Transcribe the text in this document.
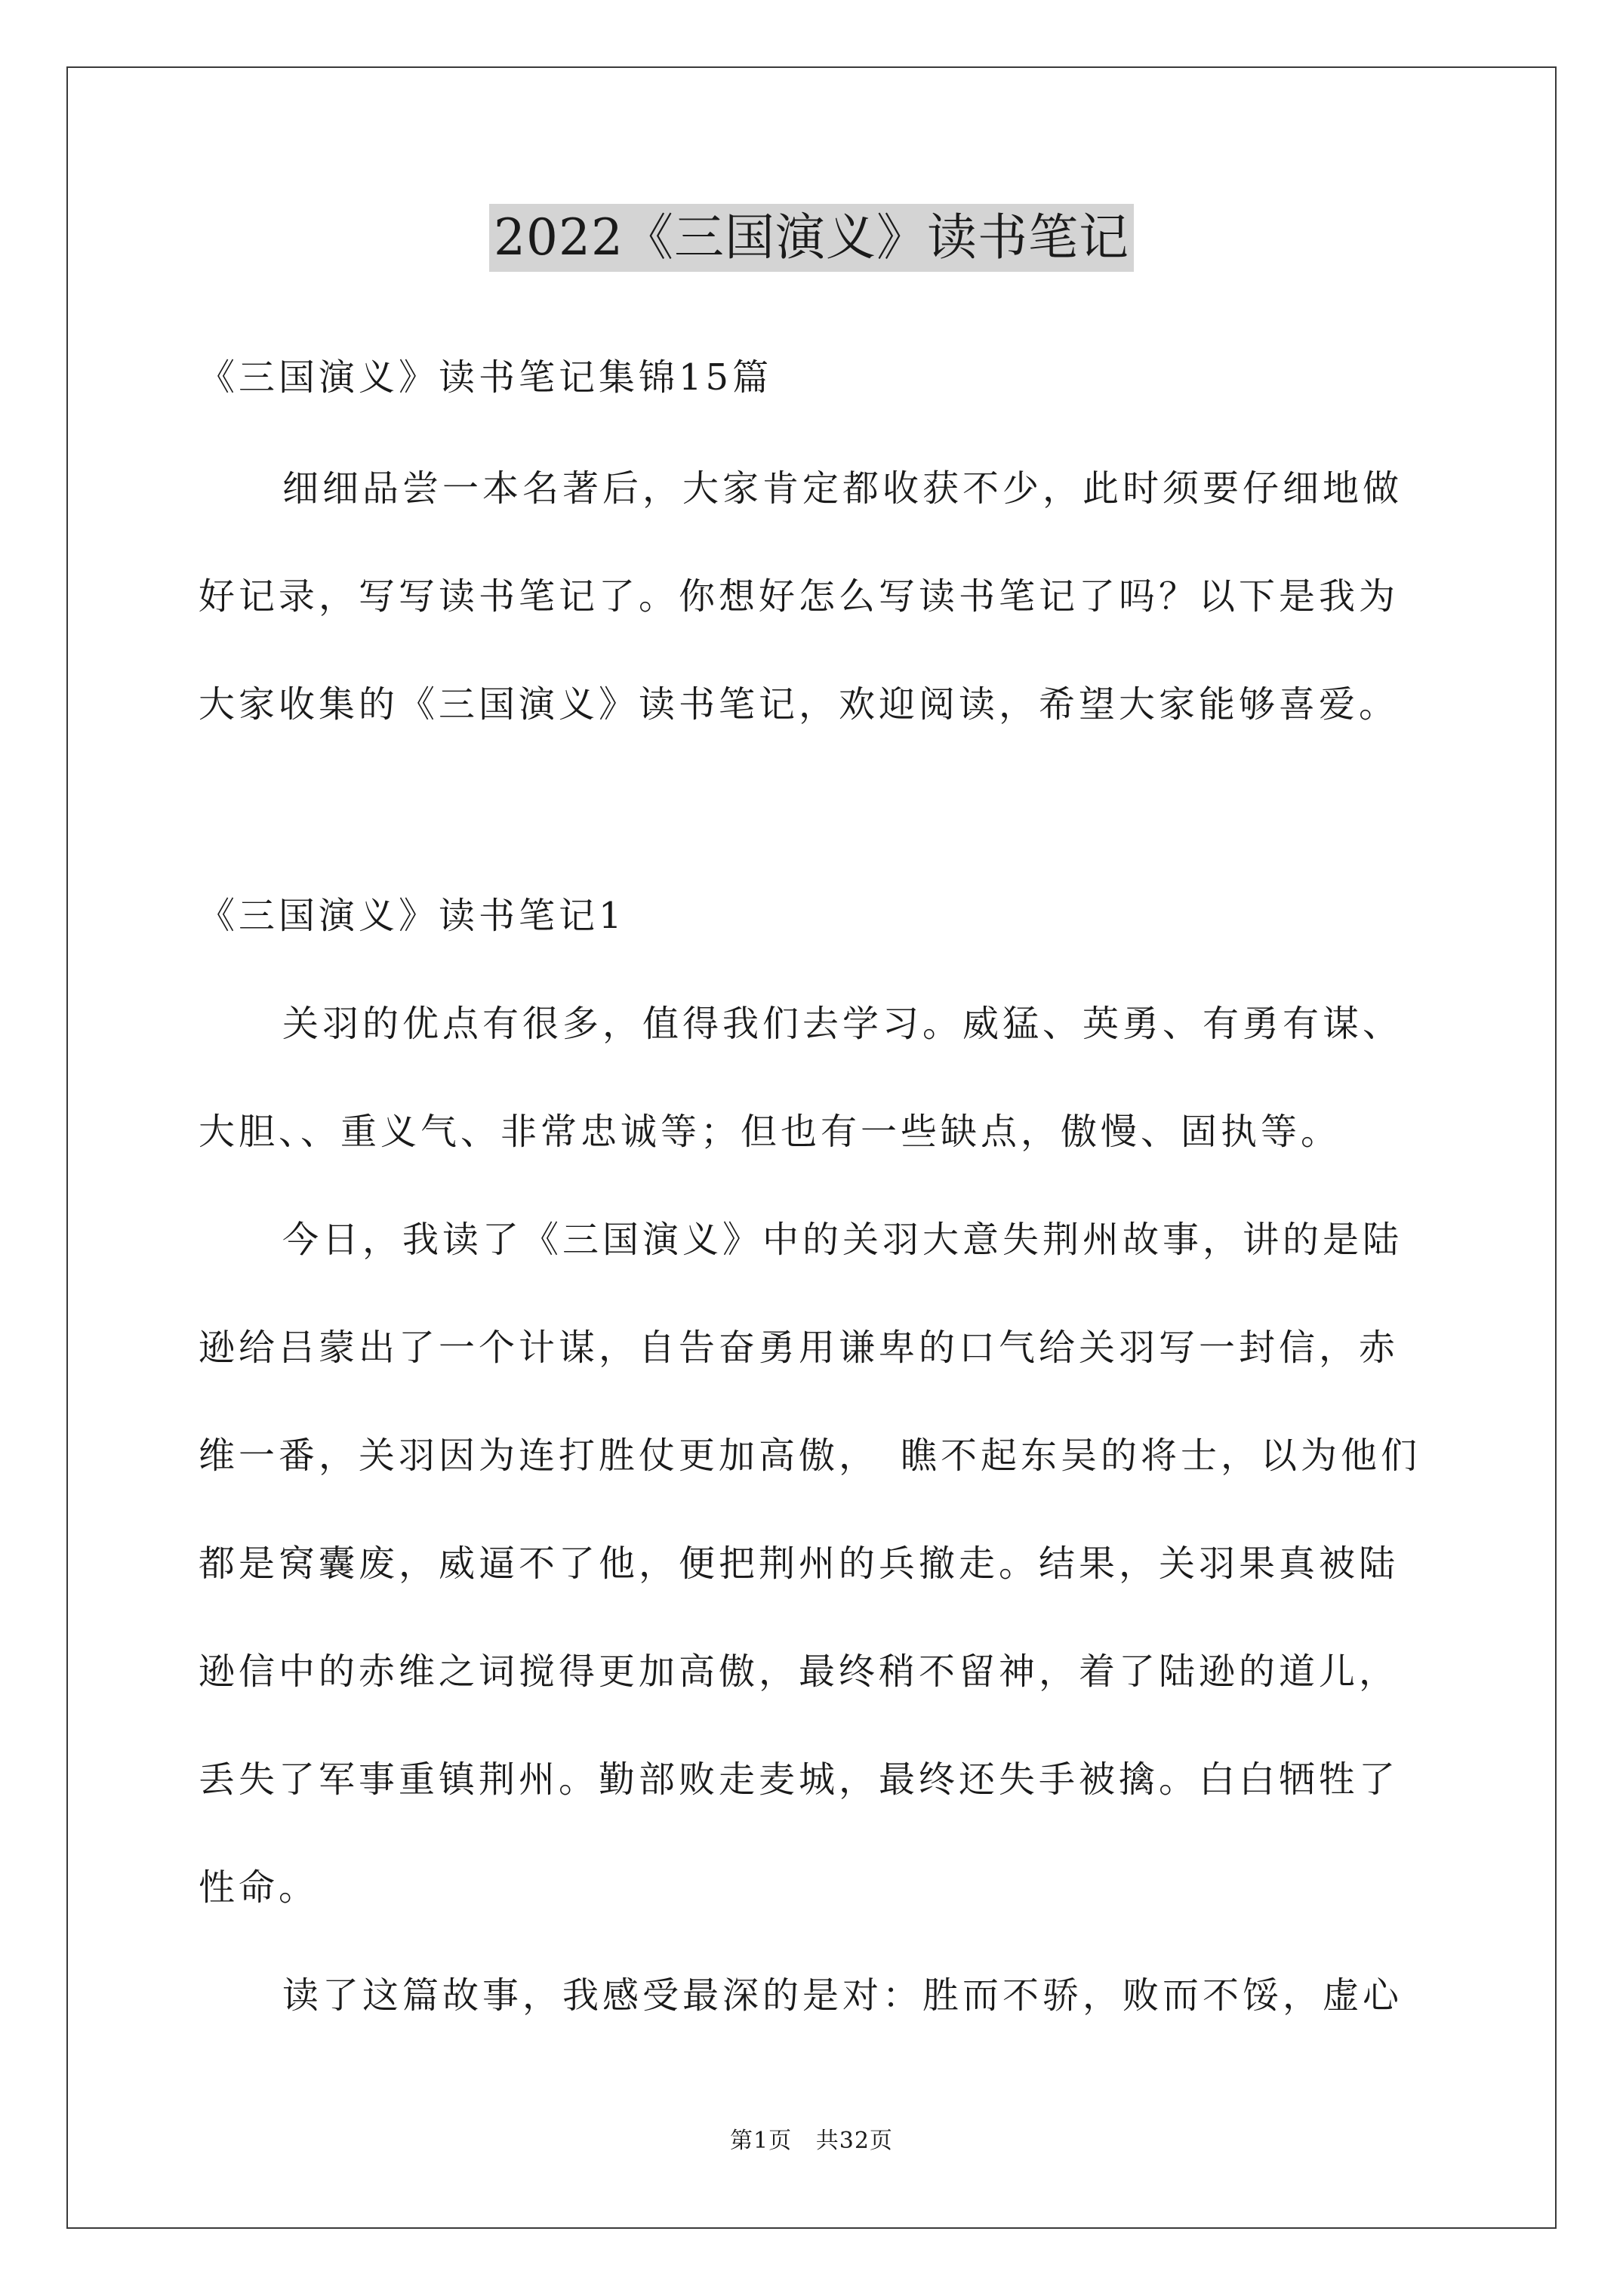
2022《三国演义》读书笔记
《三国演义》读书笔记集锦15篇
细细品尝一本名著后，大家肯定都收获不少，此时须要仔细地做
好记录，写写读书笔记了。你想好怎么写读书笔记了吗？以下是我为
大家收集的《三国演义》读书笔记，欢迎阅读，希望大家能够喜爱。
《三国演义》读书笔记1
关羽的优点有很多，值得我们去学习。威猛、英勇、有勇有谋、
大胆、、重义气、非常忠诚等；但也有一些缺点，傲慢、固执等。
今日，我读了《三国演义》中的关羽大意失荆州故事，讲的是陆
逊给吕蒙出了一个计谋，自告奋勇用谦卑的口气给关羽写一封信，赤
维一番，关羽因为连打胜仗更加高傲，　瞧不起东吴的将士，以为他们
都是窝囊废，威逼不了他，便把荆州的兵撤走。结果，关羽果真被陆
逊信中的赤维之词搅得更加高傲，最终稍不留神，着了陆逊的道儿，
丢失了军事重镇荆州。勤部败走麦城，最终还失手被擒。白白牺牲了
性命。
读了这篇故事，我感受最深的是对：胜而不骄，败而不馁，虚心
第1页 共32页
